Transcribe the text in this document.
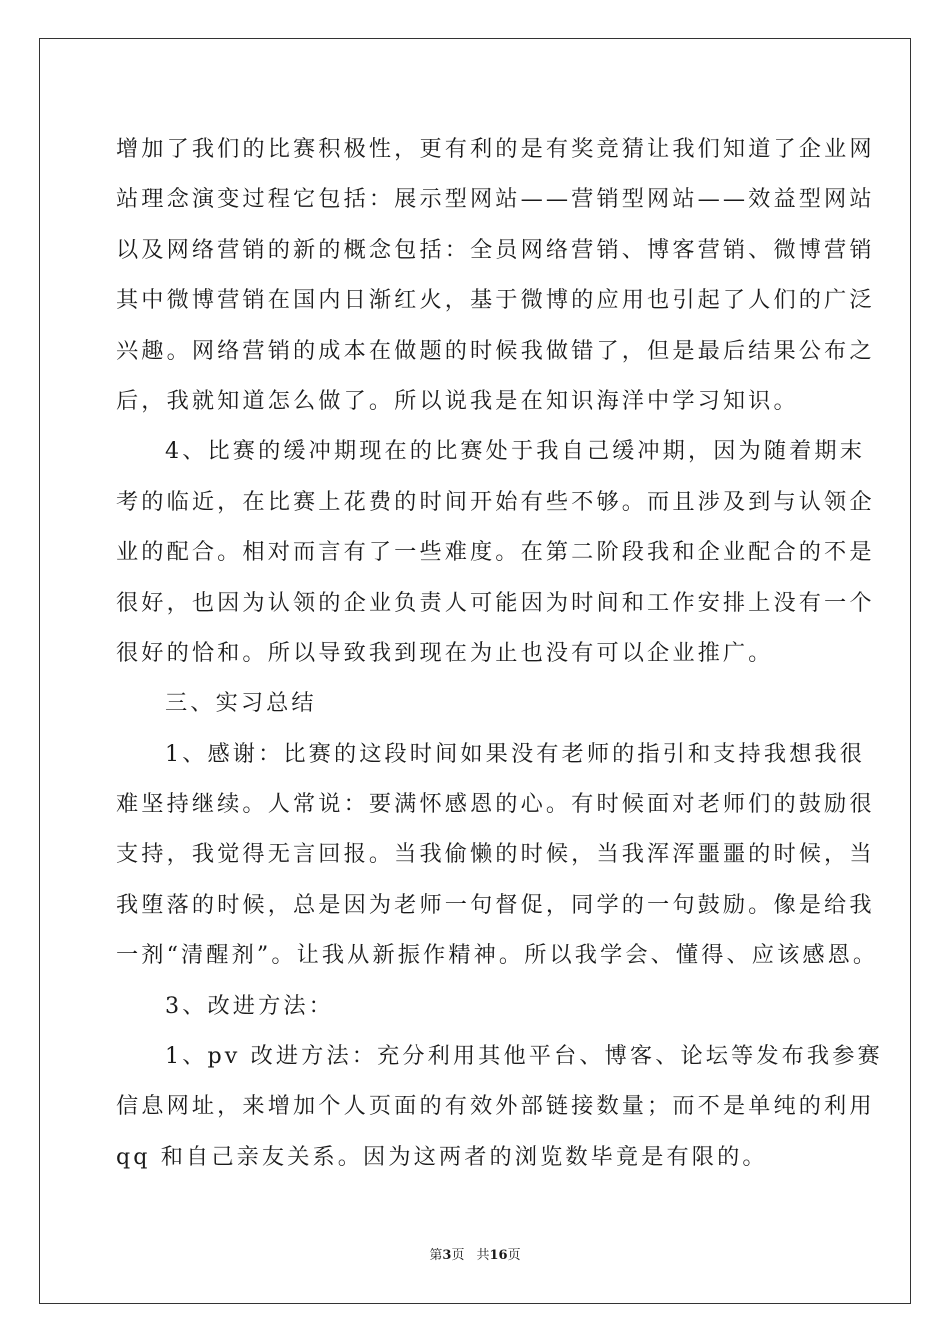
增加了我们的比赛积极性，更有利的是有奖竞猜让我们知道了企业网
站理念演变过程它包括：展示型网站——营销型网站——效益型网站
以及网络营销的新的概念包括：全员网络营销、博客营销、微博营销
其中微博营销在国内日渐红火，基于微博的应用也引起了人们的广泛
兴趣。网络营销的成本在做题的时候我做错了，但是最后结果公布之
后，我就知道怎么做了。所以说我是在知识海洋中学习知识。
4、比赛的缓冲期现在的比赛处于我自己缓冲期，因为随着期末
考的临近，在比赛上花费的时间开始有些不够。而且涉及到与认领企
业的配合。相对而言有了一些难度。在第二阶段我和企业配合的不是
很好，也因为认领的企业负责人可能因为时间和工作安排上没有一个
很好的恰和。所以导致我到现在为止也没有可以企业推广。
三、实习总结
1、感谢：比赛的这段时间如果没有老师的指引和支持我想我很
难坚持继续。人常说：要满怀感恩的心。有时候面对老师们的鼓励很
支持，我觉得无言回报。当我偷懒的时候，当我浑浑噩噩的时候，当
我堕落的时候，总是因为老师一句督促，同学的一句鼓励。像是给我
一剂“清醒剂”。让我从新振作精神。所以我学会、懂得、应该感恩。
3、改进方法：
1、pv 改进方法：充分利用其他平台、博客、论坛等发布我参赛
信息网址，来增加个人页面的有效外部链接数量；而不是单纯的利用
qq 和自己亲友关系。因为这两者的浏览数毕竟是有限的。
第3页 共16页
